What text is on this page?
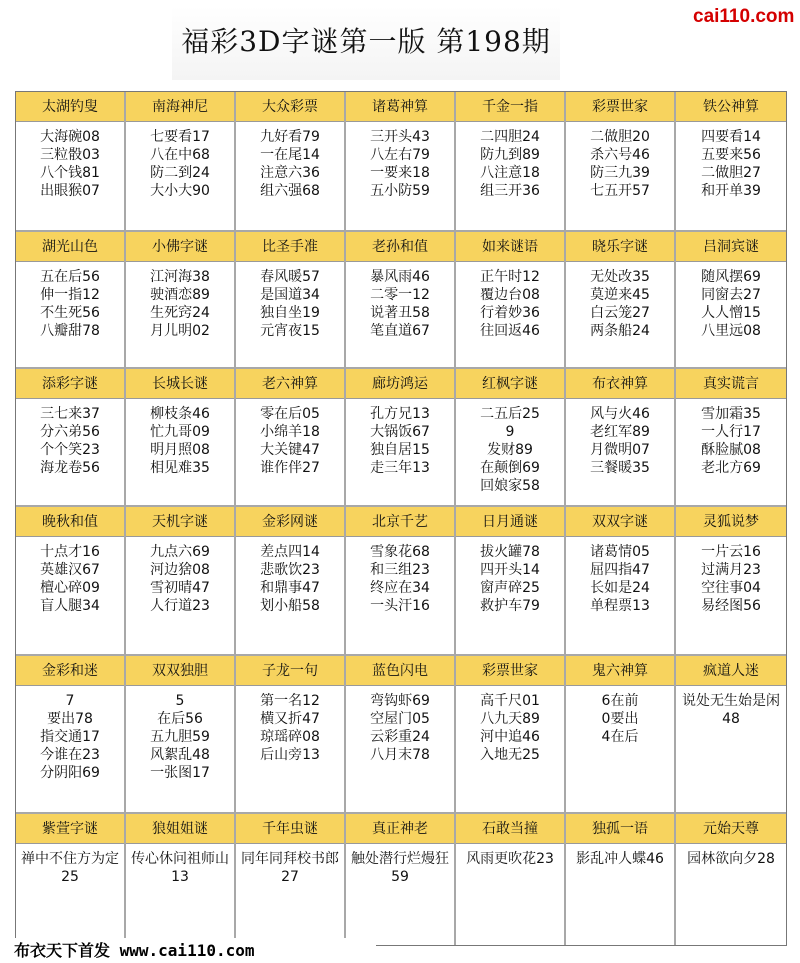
福彩3D字谜第一版 第198期
cai110.com
太湖钓叟
大海碗08
三粒骰03
八个钱81
出眼猴07
南海神尼
七要看17
八在中68
防二到24
大小大90
大众彩票
九好看79
一在尾14
注意六36
组六强68
诸葛神算
三开头43
八左右79
一要来18
五小防59
千金一指
二四胆24
防九到89
八注意18
组三开36
彩票世家
二做胆20
杀六号46
防三九39
七五开57
铁公神算
四要看14
五要来56
二做胆27
和开单39
湖光山色
五在后56
伸一指12
不生死56
八瓣甜78
小佛字谜
江河海38
驶酒恋89
生死窍24
月儿明02
比圣手准
春风暖57
是国道34
独自坐19
元宵夜15
老孙和值
暴风雨46
二零一12
说著丑58
笔直道67
如来谜语
正午时12
覆边台08
行着妙36
往回返46
晓乐字谜
无处改35
莫逆来45
白云笼27
两条船24
吕洞宾谜
随风摆69
同窗去27
人人憎15
八里远08
添彩字谜
三七来37
分六弟56
个个笑23
海龙卷56
长城长谜
柳枝条46
忙九哥09
明月照08
相见难35
老六神算
零在后05
小绵羊18
大关键47
谁作伴27
廊坊鸿运
孔方兄13
大锅饭67
独自居15
走三年13
红枫字谜
二五后25
9
发财89
在颠倒69
回娘家58
布衣神算
风与火46
老红军89
月微明07
三餐暖35
真实谎言
雪加霜35
一人行17
酥脸腻08
老北方69
晚秋和值
十点才16
英雄汉67
檀心碎09
盲人腿34
天机字谜
九点六69
河边猞08
雪初晴47
人行道23
金彩网谜
差点四14
悲歌饮23
和鼎事47
划小船58
北京千艺
雪象花68
和三组23
终应在34
一头汗16
日月通谜
拔火罐78
四开头14
窗声碎25
救护车79
双双字谜
诸葛情05
屈四指47
长如是24
单程票13
灵狐说梦
一片云16
过满月23
空往事04
易经图56
金彩和迷
7
要出78
指交通17
今谁在23
分阴阳69
双双独胆
5
在后56
五九胆59
风絮乱48
一张图17
子龙一句
第一名12
横又折47
琼瑶碎08
后山旁13
蓝色闪电
弯钩虾69
空屋门05
云彩重24
八月末78
彩票世家
高千尺01
八九天89
河中追46
入地无25
鬼六神算
6在前
0要出
4在后
疯道人迷
说处无生始是闲48
紫萱字谜
禅中不住方为定25
狼姐姐谜
传心休问祖师山13
千年虫谜
同年同拜校书郎27
真正神老
触处潜行烂熳狂59
石敢当撞
风雨更吹花23
独孤一语
影乱冲人蝶46
元始天尊
园林欲向夕28
布衣天下首发 www.cai110.com
